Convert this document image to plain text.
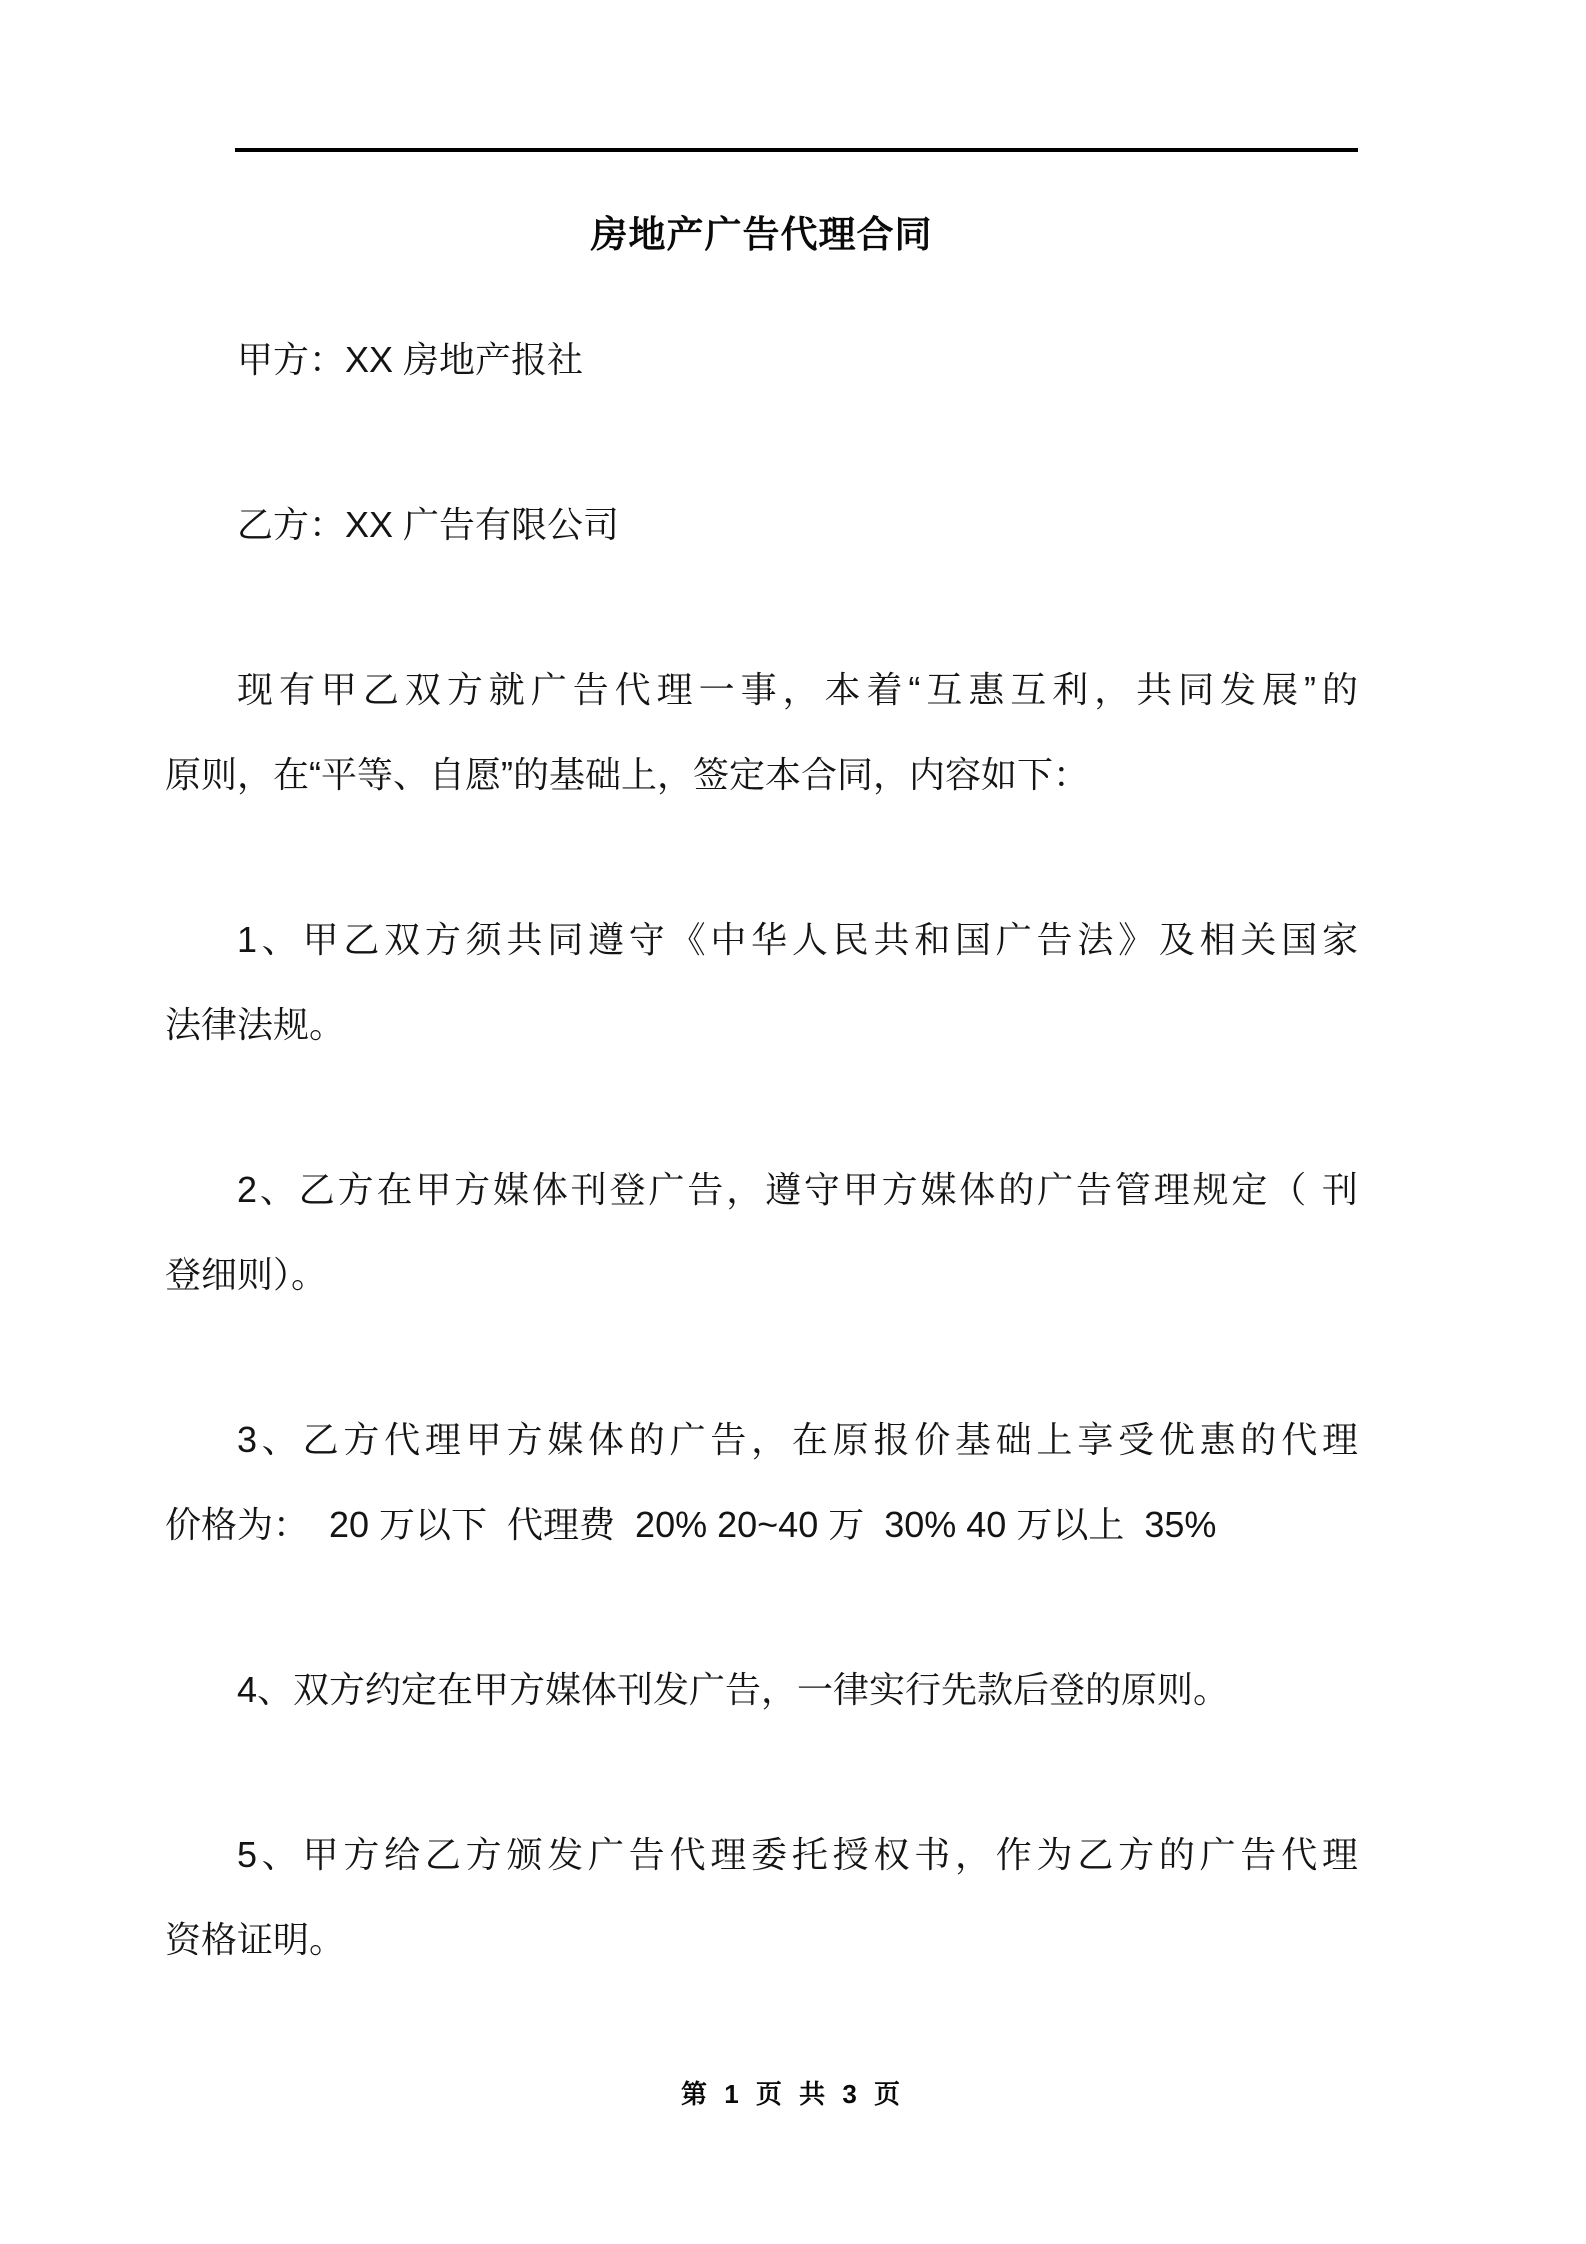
房地产广告代理合同
甲方：XX 房地产报社
乙方：XX 广告有限公司
现有甲乙双方就广告代理一事，本着“互惠互利，共同发展”的
原则，在“平等、自愿”的基础上，签定本合同，内容如下：
1、甲乙双方须共同遵守《中华人民共和国广告法》及相关国家
法律法规。
2、乙方在甲方媒体刊登广告，遵守甲方媒体的广告管理规定（ 刊
登细则）。
3、乙方代理甲方媒体的广告，在原报价基础上享受优惠的代理
价格为：  20 万以下  代理费  20% 20~40 万  30% 40 万以上  35%
4、双方约定在甲方媒体刊发广告，一律实行先款后登的原则。
5、甲方给乙方颁发广告代理委托授权书，作为乙方的广告代理
资格证明。
第 1 页 共 3 页
